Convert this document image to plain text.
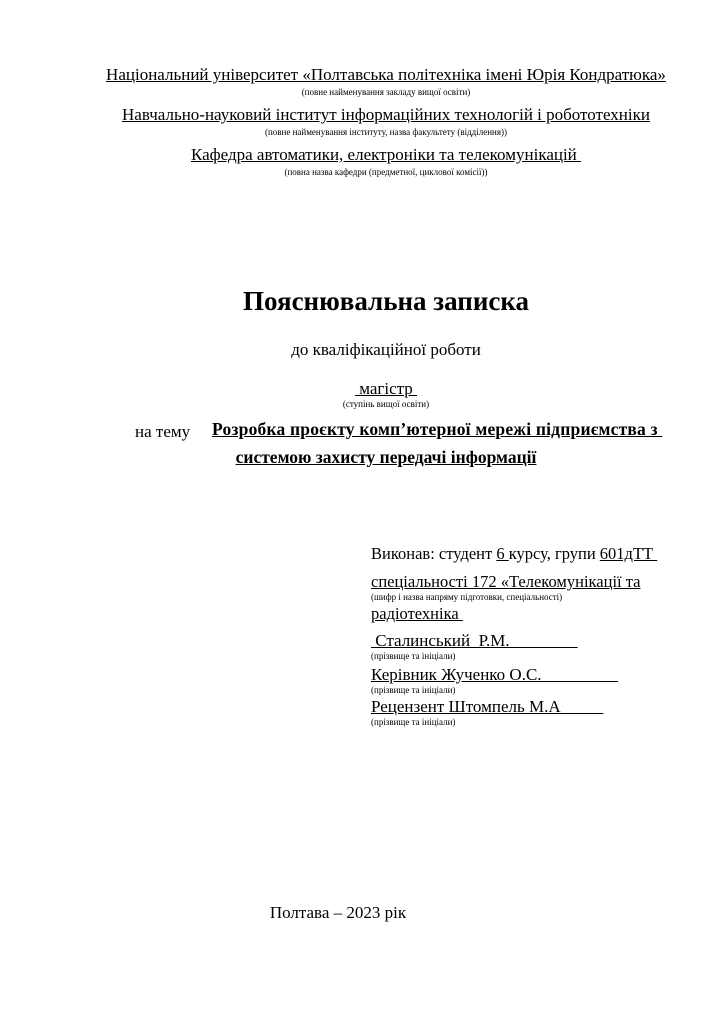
Національний університет «Полтавська політехніка імені Юрія Кондратюка»
(повне найменування закладу вищої освіти)
Навчально-науковий інститут інформаційних технологій і робототехніки
(повне найменування інституту, назва факультету (відділення))
Кафедра автоматики, електроніки та телекомунікацій
(повна назва кафедри (предметної, циклової комісії))
Пояснювальна записка
до кваліфікаційної роботи
магістр
(ступінь вищої освіти)
на тему Розробка проєкту комп’ютерної мережі підприємства з
системою захисту передачі інформації
Виконав: студент 6 курсу, групи 601дТТ
спеціальності 172 «Телекомунікації та
(шифр і назва напряму підготовки, спеціальності)
радіотехніка
Сталинський  Р.М.
(прізвище та ініціали)
Керівник Жученко О.С.
(прізвище та ініціали)
Рецензент Штомпель М.А_____
(прізвище та ініціали)
Полтава – 2023 рік
